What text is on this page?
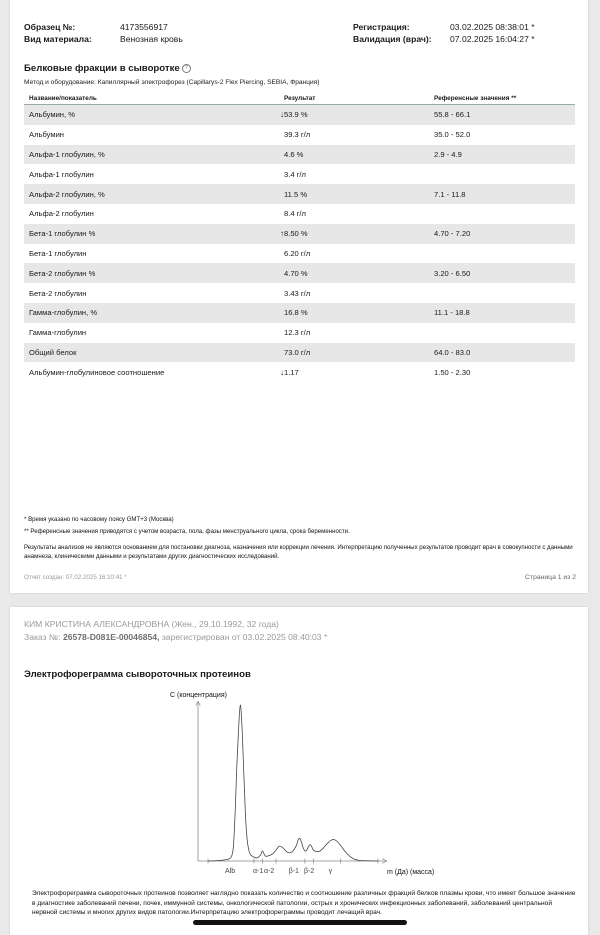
Образец №:	4173556917
Вид материала:	Венозная кровь
Регистрация:	03.02.2025 08:38:01 *
Валидация (врач): 07.02.2025 16:04:27 *
Белковые фракции в сыворотке ?
Метод и оборудование: Капиллярный электрофорез (Capillarys-2 Flex Piercing, SEBIA, Франция)
Название/показатель	Результат	Референсные значения **
Альбумин, %	↓53.9 %	55.8 - 66.1
Альбумин	39.3 г/л	35.0 - 52.0
Альфа-1 глобулин, %	4.6 %	2.9 - 4.9
Альфа-1 глобулин	3.4 г/л	
Альфа-2 глобулин, %	11.5 %	7.1 - 11.8
Альфа-2 глобулин	8.4 г/л	
Бета-1 глобулин %	↑8.50 %	4.70 - 7.20
Бета-1 глобулин	6.20 г/л	
Бета-2 глобулин %	4.70 %	3.20 - 6.50
Бета-2 глобулин	3.43 г/л	
Гамма-глобулин, %	16.8 %	11.1 - 18.8
Гамма-глобулин	12.3 г/л	
Общий белок	73.0 г/л	64.0 - 83.0
Альбумин-глобулиновое соотношение	↓1.17	1.50 - 2.30
* Время указано по часовому поясу GMT+3 (Москва)
** Референсные значения приводятся с учетом возраста, пола, фазы менструального цикла, срока беременности.
Результаты анализов не являются основанием для постановки диагноза, назначения или коррекции лечения. Интерпретацию полученных результатов проводит врач в совокупности с данными анамнеза, клиническими данными и результатами других диагностических исследований.
Отчет создан: 07.02.2025 16:10:41 *	Страница 1 из 2
КИМ КРИСТИНА АЛЕКСАНДРОВНА (Жен., 29.10.1992, 32 года)
Заказ №: 26578-D081E-00046854, зарегистрирован от 03.02.2025 08:40:03 *
Электрофореграмма сывороточных протеинов
С (концентрация)
Alb	α-1 α-2 β-1 β-2 γ	m (Да) (масса)
Электрофореграмма сывороточных протеинов позволяет наглядно показать количество и соотношение различных фракций белков плазмы крови, что имеет большое значение в диагностике заболеваний печени, почек, иммунной системы, онкологической патологии, острых и хронических инфекционных заболеваний, заболеваний центральной нервной системы и многих других видов патологии.Интерпретацию электрофореграммы проводит лечащий врач.
